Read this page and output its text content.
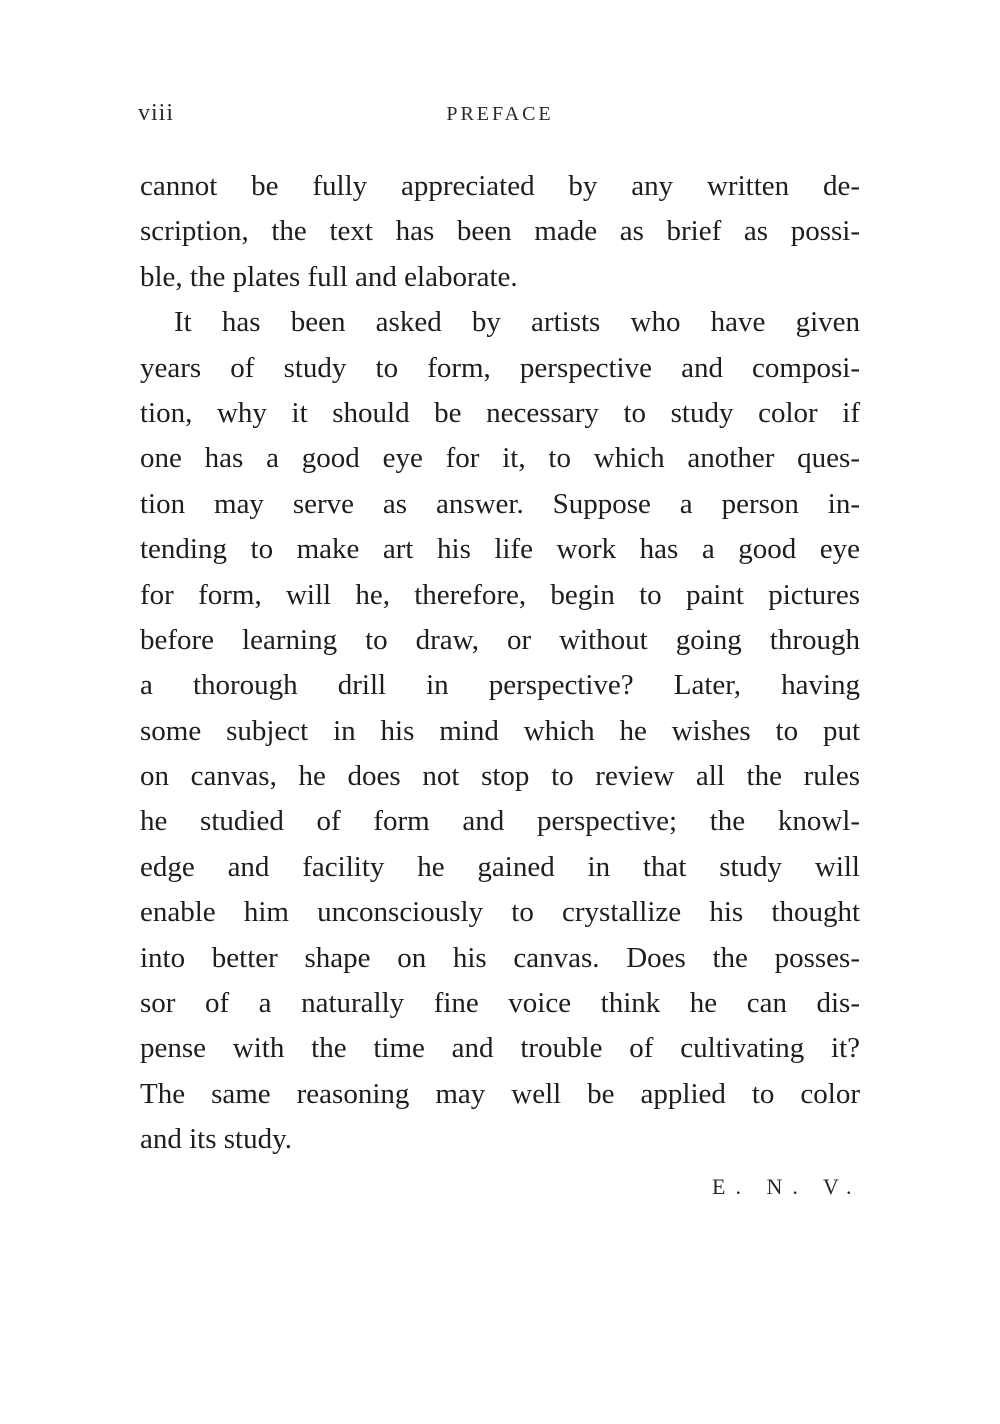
viii	PREFACE
cannot be fully appreciated by any written de-
scription, the text has been made as brief as possi-
ble, the plates full and elaborate.
It has been asked by artists who have given
years of study to form, perspective and composi-
tion, why it should be necessary to study color if
one has a good eye for it, to which another ques-
tion may serve as answer. Suppose a person in-
tending to make art his life work has a good eye
for form, will he, therefore, begin to paint pictures
before learning to draw, or without going through
a thorough drill in perspective? Later, having
some subject in his mind which he wishes to put
on canvas, he does not stop to review all the rules
he studied of form and perspective; the knowl-
edge and facility he gained in that study will
enable him unconsciously to crystallize his thought
into better shape on his canvas. Does the posses-
sor of a naturally fine voice think he can dis-
pense with the time and trouble of cultivating it?
The same reasoning may well be applied to color
and its study.
E. N. V.
